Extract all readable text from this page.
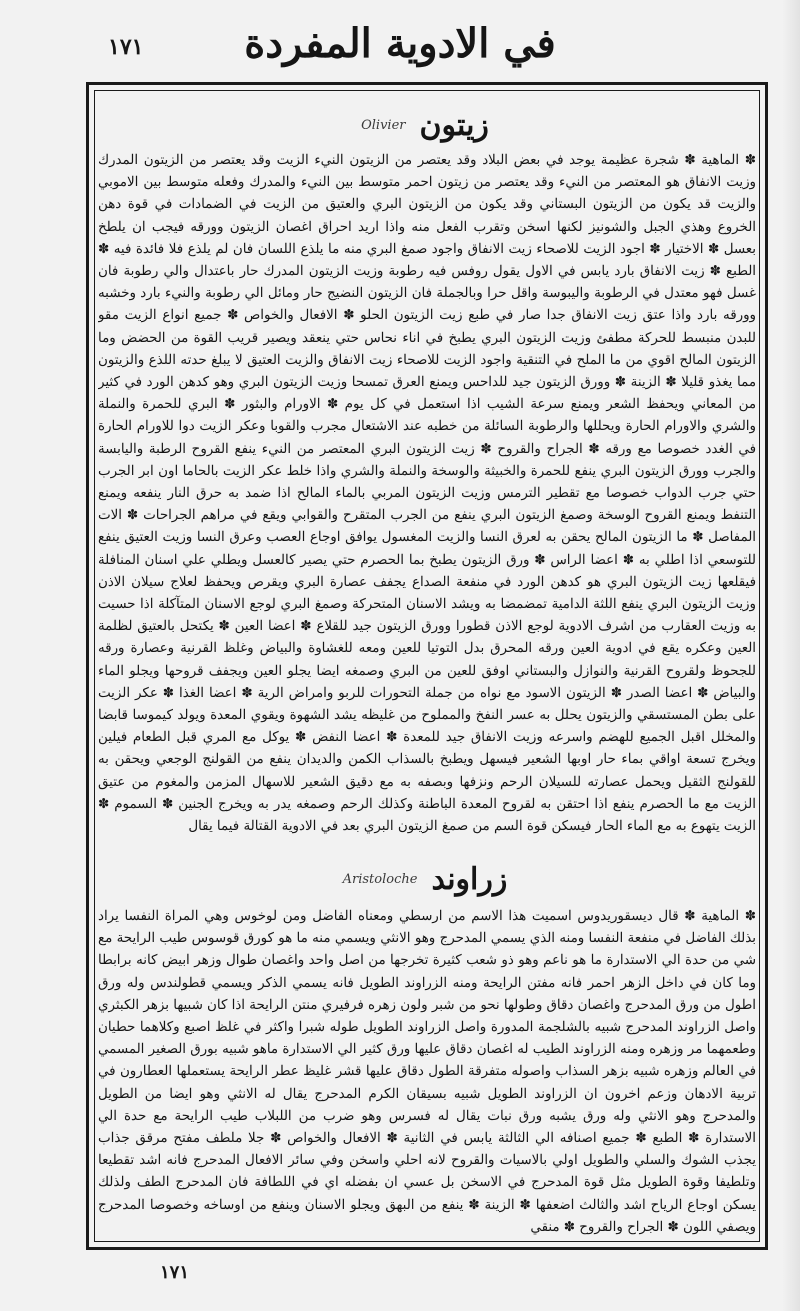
في الادوية المفردة
١٧١
Olivier زيتون

✽ الماهية ✽ شجرة عظيمة يوجد في بعض البلاد وقد يعتصر من الزيتون النيء الزيت وقد يعتصر من الزيتون المدرك وزيت الانفاق هو المعتصر من النيء وقد يعتصر من زيتون احمر متوسط بين النيء والمدرك وفعله متوسط بين الاموبي والزيت قد يكون من الزيتون البستاني وقد يكون من الزيتون البري والعتيق من الزيت في الضمادات في قوة دهن الخروع وهذي الجبل والشونيز لكنها اسخن وتقرب الفعل منه واذا اريد احراق اغصان الزيتون وورقه فيجب ان يلطخ بعسل ✽ الاختيار ✽ اجود الزيت للاصحاء زيت الانفاق واجود صمغ البري منه ما يلذع اللسان فان لم يلذع فلا فائدة فيه ✽ الطبع ✽ زيت الانفاق بارد يابس في الاول يقول روفس فيه رطوبة وزيت الزيتون المدرك حار باعتدال والي رطوبة فان غسل فهو معتدل في الرطوبة واليبوسة واقل حرا وبالجملة فان الزيتون النضيج حار ومائل الي رطوبة والنيء بارد وخشبه وورقه بارد واذا عتق زيت الانفاق جدا صار في طبع زيت الزيتون الحلو ✽ الافعال والخواص ✽ جميع انواع الزيت مقو للبدن منبسط للحركة مطفئ وزيت الزيتون البري يطبخ في اناء نحاس حتي ينعقد ويصير قريب القوة من الحضض وما الزيتون المالح اقوي من ما الملح في التنقية واجود الزيت للاصحاء زيت الانفاق والزيت العتيق لا يبلغ حدته اللذع والزيتون مما يغذو قليلا ✽ الزينة ✽ وورق الزيتون جيد للداحس ويمنع العرق تمسحا وزيت الزيتون البري وهو كدهن الورد في كثير من المعاني ويحفظ الشعر ويمنع سرعة الشيب اذا استعمل في كل يوم ✽ الاورام والبثور ✽ البري للحمرة والنملة والشري والاورام الحارة ويحللها والرطوبة السائلة من خطبه عند الاشتعال مجرب والقوبا وعكر الزيت دوا للاورام الحارة في الغدد خصوصا مع ورقه ✽ الجراح والقروح ✽ زيت الزيتون البري المعتصر من النيء ينفع القروح الرطبة واليابسة والجرب وورق الزيتون البري ينفع للحمرة والخبيثة والوسخة والنملة والشري واذا خلط عكر الزيت بالحاما اون ابر الجرب حتي جرب الدواب خصوصا مع تقطير الترمس وزيت الزيتون المربي بالماء المالح اذا ضمد به حرق النار ينفعه ويمنع التنفط ويمنع القروح الوسخة وصمغ الزيتون البري ينفع من الجرب المتقرح والقوابي ويقع في مراهم الجراحات ✽ الات المفاصل ✽ ما الزيتون المالح يحقن به لعرق النسا والزيت المغسول يوافق اوجاع العصب وعرق النسا وزيت العتيق ينفع للتوسعي اذا اطلي به ✽ اعضا الراس ✽ ورق الزيتون يطبخ بما الحصرم حتي يصير كالعسل ويطلي علي اسنان المنافلة فيقلعها زيت الزيتون البري هو كدهن الورد في منفعة الصداع يجفف عصارة البري ويقرص ويحفظ لعلاج سيلان الاذن وزيت الزيتون البري ينفع اللثة الدامية تمضمضا به ويشد الاسنان المتحركة وصمغ البري لوجع الاسنان المتآكلة اذا حسيت به وزيت العقارب من اشرف الادوية لوجع الاذن قطورا وورق الزيتون جيد للقلاع ✽ اعضا العين ✽ يكتحل بالعتيق لظلمة العين وعكره يقع في ادوية العين ورقه المحرق بدل التوتيا للعين ومعه للغشاوة والبياض وغلظ القرنية وعصارة ورقه للجحوظ ولقروح القرنية والنوازل والبستاني اوفق للعين من البري وصمغه ايضا يجلو العين ويجفف قروحها ويجلو الماء والبياض ✽ اعضا الصدر ✽ الزيتون الاسود مع نواه من جملة التحورات للربو وامراض الرية ✽ اعضا الغذا ✽ عكر الزيت على بطن المستسقي والزيتون يحلل به عسر النفخ والمملوح من غليظه يشد الشهوة ويقوي المعدة ويولد كيموسا قابضا والمخلل اقبل الجميع للهضم واسرعه وزيت الانفاق جيد للمعدة ✽ اعضا النفض ✽ يوكل مع المري قبل الطعام فيلين ويخرج تسعة اواقي بماء حار اوبها الشعير فيسهل ويطبخ بالسذاب الكمن والديدان ينفع من القولنج الوجعي ويحقن به للقولنج الثقيل ويحمل عصارته للسيلان الرحم ونزفها وبصفه به مع دقيق الشعير للاسهال المزمن والمغوم من عتيق الزيت مع ما الحصرم ينفع اذا احتقن به لقروح المعدة الباطنة وكذلك الرحم وصمغه يدر به ويخرج الجنين ✽ السموم ✽ الزيت يتهوع به مع الماء الحار فيسكن قوة السم من صمغ الزيتون البري بعد في الادوية القتالة فيما يقال

Aristoloche زراوند

✽ الماهية ✽ قال ديسقوريدوس اسميت هذا الاسم من ارسطي ومعناه الفاضل ومن لوخوس وهي المراة النفسا يراد بذلك الفاضل في منفعة النفسا ومنه الذي يسمي المدحرج وهو الانثي ويسمي منه ما هو كورق قوسوس طيب الرايحة مع شي من حدة الي الاستدارة ما هو ناعم وهو ذو شعب كثيرة تخرجها من اصل واحد واغصان طوال وزهر ابيض كانه برابطا وما كان في داخل الزهر احمر فانه مفتن الرايحة ومنه الزراوند الطويل فانه يسمي الذكر ويسمي قطولندس وله ورق اطول من ورق المدحرج واغصان دقاق وطولها نحو من شبر ولون زهره فرفيري منتن الرايحة اذا كان شبيها بزهر الكبثري واصل الزراوند المدحرج شبيه بالشلجمة المدورة واصل الزراوند الطويل طوله شبرا واكثر في غلظ اصبع وكلاهما حطيان وطعمهما مر وزهره ومنه الزراوند الطيب له اغصان دقاق عليها ورق كثير الي الاستدارة ماهو شبيه بورق الصغير المسمي في العالم وزهره شبيه بزهر السذاب واصوله متفرقة الطول دقاق عليها قشر غليظ عطر الرايحة يستعملها العطارون في تربية الادهان وزعم اخرون ان الزراوند الطويل شبيه بسيقان الكرم المدحرج يقال له الانثي وهو ايضا من الطويل والمدحرج وهو الانثي وله ورق يشبه ورق نبات يقال له فسرس وهو ضرب من اللبلاب طيب الرايحة مع حدة الي الاستدارة ✽ الطبع ✽ جميع اصنافه الي الثالثة يابس في الثانية ✽ الافعال والخواص ✽ جلا ملطف مفتح مرقق جذاب يجذب الشوك والسلي والطويل اولي بالاسيات والقروح لانه احلي واسخن وفي سائر الافعال المدحرج فانه اشد تقطيعا وتلطيفا وقوة الطويل مثل قوة المدحرج في الاسخن بل عسي ان بفضله اي في اللطافة فان المدحرج الطف ولذلك يسكن اوجاع الرياح اشد والثالث اضعفها ✽ الزينة ✽ ينفع من البهق ويجلو الاسنان وينفع من اوساخه وخصوصا المدحرج ويصفي اللون ✽ الجراح والقروح ✽ منقي

١٧١
